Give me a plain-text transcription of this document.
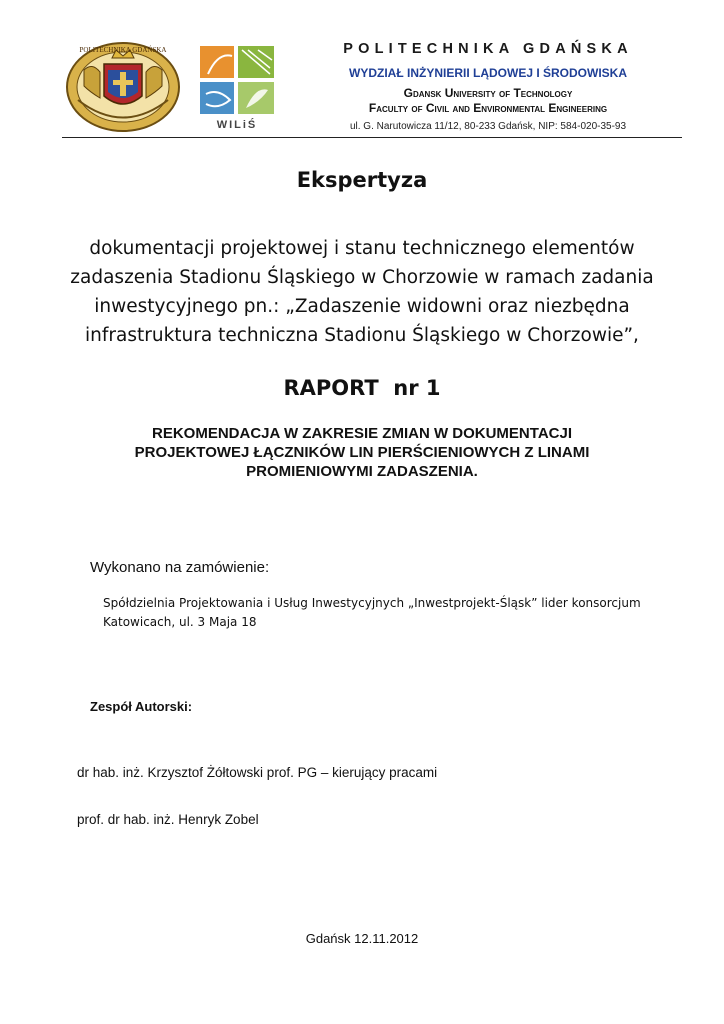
POLITECHNIKA GDAŃSKA
WILiŚ
POLITECHNIKA GDAŃSKA
WYDZIAŁ INŻYNIERII LĄDOWEJ I ŚRODOWISKA
Gdansk University of Technology
Faculty of Civil and Environmental Engineering
ul. G. Narutowicza 11/12, 80-233 Gdańsk, NIP: 584-020-35-93
Ekspertyza
dokumentacji projektowej i stanu technicznego elementów
zadaszenia Stadionu Śląskiego w Chorzowie w ramach zadania
inwestycyjnego pn.: „Zadaszenie widowni oraz niezbędna
infrastruktura techniczna Stadionu Śląskiego w Chorzowie”,
RAPORT  nr 1
REKOMENDACJA W ZAKRESIE ZMIAN W DOKUMENTACJI
PROJEKTOWEJ ŁĄCZNIKÓW LIN PIERŚCIENIOWYCH Z LINAMI
PROMIENIOWYMI ZADASZENIA.
Wykonano na zamówienie:
Spółdzielnia Projektowania i Usług Inwestycyjnych „Inwestprojekt-Śląsk” lider konsorcjum
Katowicach, ul. 3 Maja 18
Zespół Autorski:
dr hab. inż. Krzysztof Żółtowski prof. PG – kierujący pracami
prof. dr hab. inż. Henryk Zobel
Gdańsk 12.11.2012
